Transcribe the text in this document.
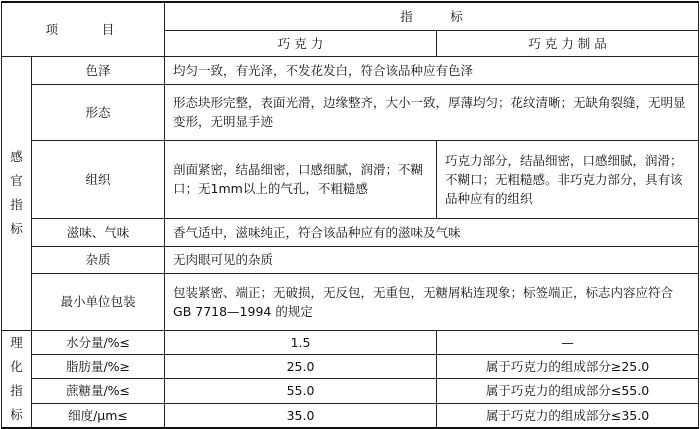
项　　目		指　　　标	
		巧 克 力	巧 克 力 制 品

感
官
指
标	色泽	均匀一致，有光泽，不发花发白，符合该品种应有色泽	
	形态	形态块形完整，表面光滑，边缘整齐，大小一致，厚薄均匀；花纹清晰；无缺角裂缝，无明显变形，无明显手迹	
	组织	剖面紧密，结晶细密，口感细腻，润滑；不糊口；无1mm以上的气孔，不粗糙感	巧克力部分，结晶细密，口感细腻，润滑；不糊口；无粗糙感。非巧克力部分，具有该品种应有的组织
	滋味、气味	香气适中，滋味纯正，符合该品种应有的滋味及气味	
	杂质	无肉眼可见的杂质	
	最小单位包装	包装紧密、端正；无破损，无反包，无重包，无糖屑粘连现象；标签端正，标志内容应符合 GB 7718—1994 的规定	

理
化
指
标	水分量/%≤	1.5	—
	脂肪量/%≥	25.0	属于巧克力的组成部分≥25.0
	蔗糖量/%≤	55.0	属于巧克力的组成部分≤55.0
	细度/μm≤	35.0	属于巧克力的组成部分≤35.0
